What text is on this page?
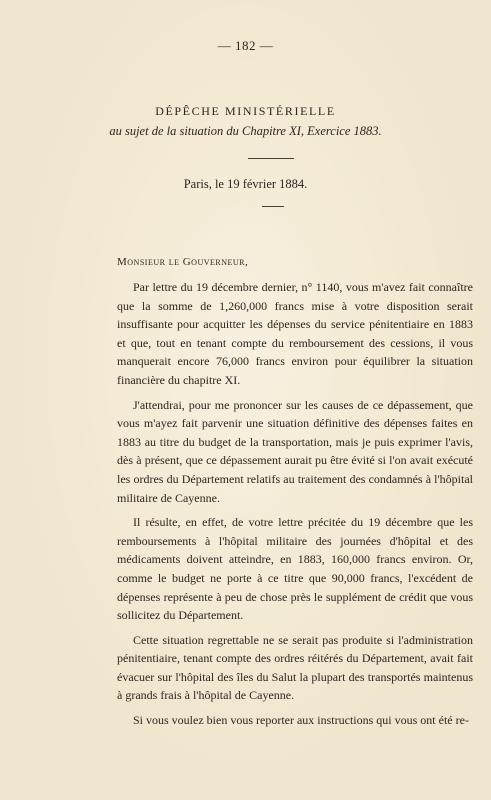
— 182 —
DÉPÊCHE MINISTÉRIELLE
au sujet de la situation du Chapitre XI, Exercice 1883.
Paris, le 19 février 1884.
Monsieur le Gouverneur,

Par lettre du 19 décembre dernier, n° 1140, vous m'avez fait connaître que la somme de 1,260,000 francs mise à votre disposition serait insuffisante pour acquitter les dépenses du service pénitentiaire en 1883 et que, tout en tenant compte du remboursement des cessions, il vous manquerait encore 76,000 francs environ pour équilibrer la situation financière du chapitre XI.

J'attendrai, pour me prononcer sur les causes de ce dépassement, que vous m'ayez fait parvenir une situation définitive des dépenses faites en 1883 au titre du budget de la transportation, mais je puis exprimer l'avis, dès à présent, que ce dépassement aurait pu être évité si l'on avait exécuté les ordres du Département relatifs au traitement des condamnés à l'hôpital militaire de Cayenne.

Il résulte, en effet, de votre lettre précitée du 19 décembre que les remboursements à l'hôpital militaire des journées d'hôpital et des médicaments doivent atteindre, en 1883, 160,000 francs environ. Or, comme le budget ne porte à ce titre que 90,000 francs, l'excédent de dépenses représente à peu de chose près le supplément de crédit que vous sollicitez du Département.

Cette situation regrettable ne se serait pas produite si l'administration pénitentiaire, tenant compte des ordres réitérés du Département, avait fait évacuer sur l'hôpital des îles du Salut la plupart des transportés maintenus à grands frais à l'hôpital de Cayenne.

Si vous voulez bien vous reporter aux instructions qui vous ont été re-
